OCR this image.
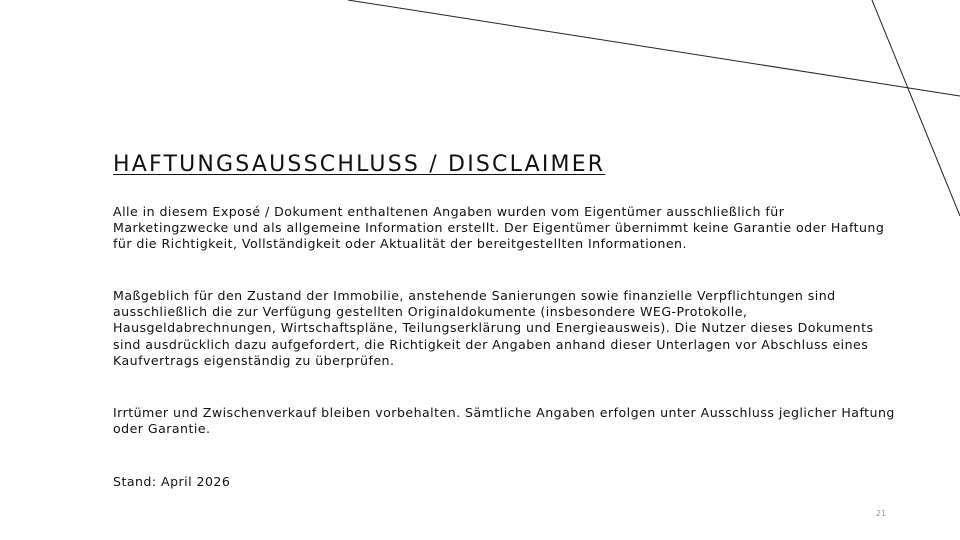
HAFTUNGSAUSSCHLUSS / DISCLAIMER

Alle in diesem Exposé / Dokument enthaltenen Angaben wurden vom Eigentümer ausschließlich für Marketingzwecke und als allgemeine Information erstellt. Der Eigentümer übernimmt keine Garantie oder Haftung für die Richtigkeit, Vollständigkeit oder Aktualität der bereitgestellten Informationen.

Maßgeblich für den Zustand der Immobilie, anstehende Sanierungen sowie finanzielle Verpflichtungen sind ausschließlich die zur Verfügung gestellten Originaldokumente (insbesondere WEG-Protokolle, Hausgeldabrechnungen, Wirtschaftspläne, Teilungserklärung und Energieausweis). Die Nutzer dieses Dokuments sind ausdrücklich dazu aufgefordert, die Richtigkeit der Angaben anhand dieser Unterlagen vor Abschluss eines Kaufvertrags eigenständig zu überprüfen.

Irrtümer und Zwischenverkauf bleiben vorbehalten. Sämtliche Angaben erfolgen unter Ausschluss jeglicher Haftung oder Garantie.

Stand: April 2026

21
